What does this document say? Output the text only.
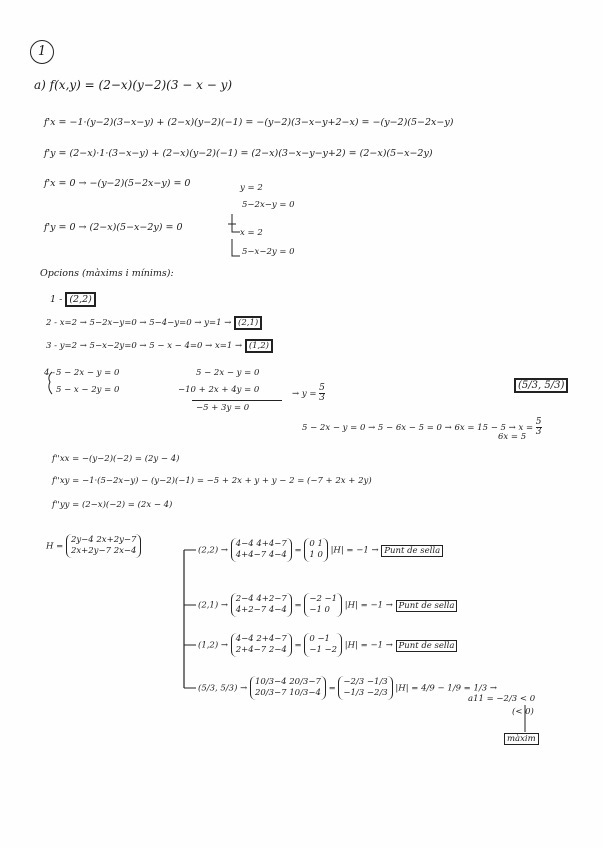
1
a) f(x,y) = (2−x)(y−2)(3 − x − y)
f'x = −1·(y−2)(3−x−y) + (2−x)(y−2)(−1) = −(y−2)(3−x−y+2−x) = −(y−2)(5−2x−y)
f'y = (2−x)·1·(3−x−y) + (2−x)(y−2)(−1) = (2−x)(3−x−y−y+2) = (2−x)(5−x−2y)
f'x = 0 → −(y−2)(5−2x−y) = 0	y = 2
5−2x−y = 0
f'y = 0 → (2−x)(5−x−2y) = 0	x = 2
5−x−2y = 0
Opcions (màxims i mínims):
1 - (2,2)
2 - x=2 → 5−2x−y=0 → 5−4−y=0 → y=1 → (2,1)
3 - y=2 → 5−x−2y=0 → 5 − x − 4=0 → x=1 → (1,2)
4 - 5 − 2x − y = 0
5 − x − 2y = 0
5 − 2x − y = 0
−10 + 2x + 4y = 0
−5 + 3y = 0
→ $y = \frac{5}{3}$	(5/3, 5/3)
$5 - 2x - y = 0 \to 5 - 6x - 5 = 0 \to 6x = 15 - 5 \to x = \frac{5}{3}$
6x = 5
f''xx = −(y−2)(−2) = (2y − 4)
f''xy = −1·(5−2x−y) − (y−2)(−1) = −5 + 2x + y + y − 2 = (−7 + 2x + 2y)
f''yy = (2−x)(−2) = (2x − 4)
H =
2y−4 2x+2y−7
2x+2y−7 2x−4	(2,2) →
4−4 4+4−7
4+4−7 4−4 =
0 1
1 0 |H| = −1 → Punt de sella
(2,1) →
2−4 4+2−7
4+2−7 4−4 =
−2 −1
−1 0	|H| = −1 → Punt de sella
(1,2) →
4−4 2+4−7
2+4−7 2−4 =
0 −1
−1 −2 |H| = −1 → Punt de sella
(5/3, 5/3) →
10/3−4 20/3−7
20/3−7 10/3−4 =
−2/3 −1/3
−1/3 −2/3 |H| = 4/9 − 1/9 = 1/3 →
a11 = −2/3 < 0
(< 0)
màxim
